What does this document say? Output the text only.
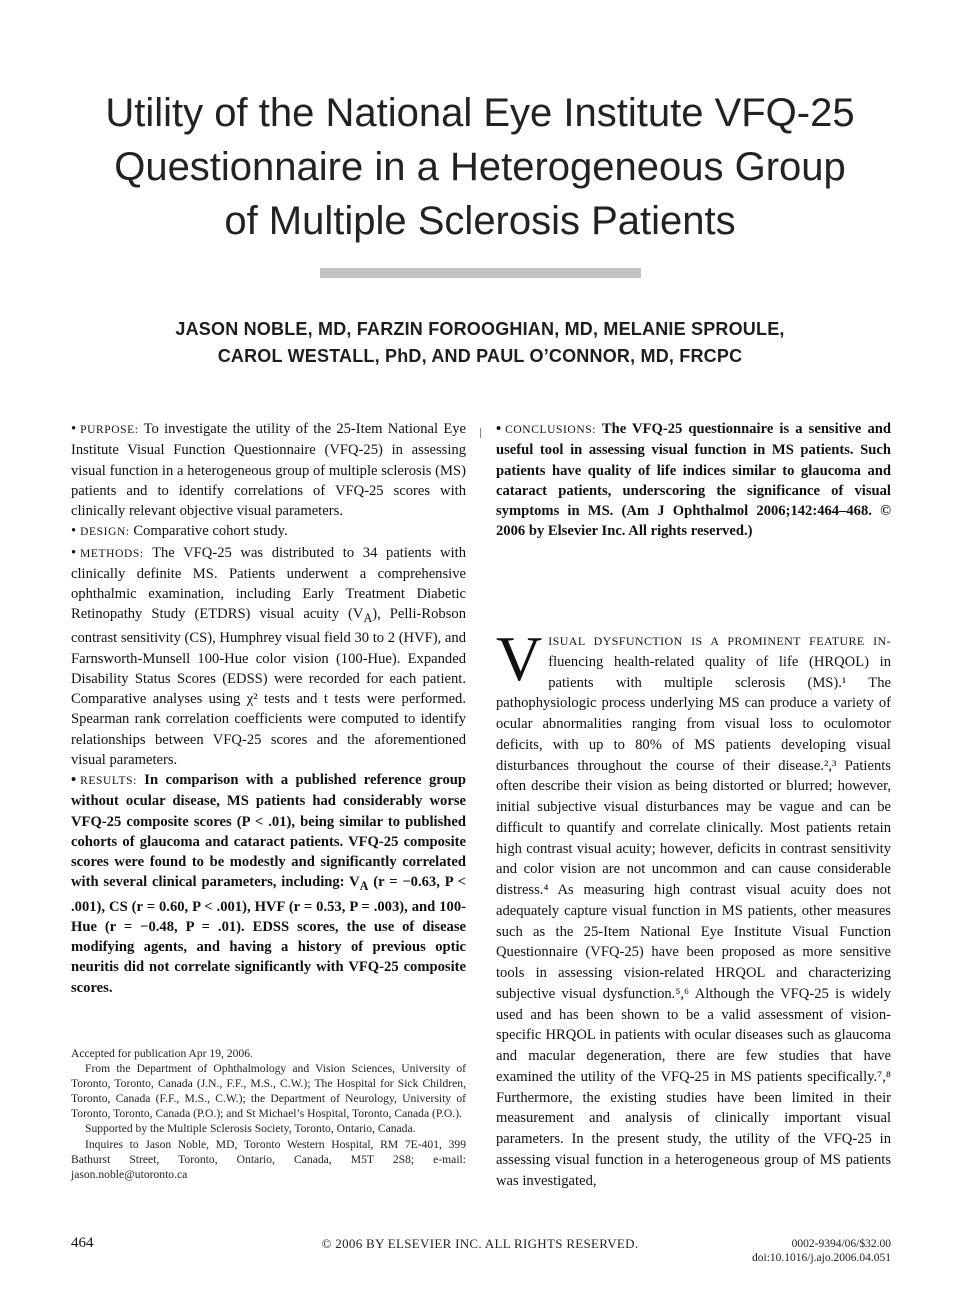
Utility of the National Eye Institute VFQ-25
Questionnaire in a Heterogeneous Group
of Multiple Sclerosis Patients
JASON NOBLE, MD, FARZIN FOROOGHIAN, MD, MELANIE SPROULE,
CAROL WESTALL, PhD, AND PAUL O’CONNOR, MD, FRCPC

• PURPOSE: To investigate the utility of the 25-Item National Eye Institute Visual Function Questionnaire (VFQ-25) in assessing visual function in a heterogeneous group of multiple sclerosis (MS) patients and to identify correlations of VFQ-25 scores with clinically relevant objective visual parameters.

• DESIGN: Comparative cohort study.

• METHODS: The VFQ-25 was distributed to 34 patients with clinically definite MS. Patients underwent a comprehensive ophthalmic examination, including Early Treatment Diabetic Retinopathy Study (ETDRS) visual acuity $(V_A)$, Pelli-Robson contrast sensitivity (CS), Humphrey visual field 30 to 2 (HVF), and Farnsworth-Munsell 100-Hue color vision (100-Hue). Expanded Disability Status Scores (EDSS) were recorded for each patient. Comparative analyses using χ² tests and t tests were performed. Spearman rank correlation coefficients were computed to identify relationships between VFQ-25 scores and the aforementioned visual parameters.

• RESULTS: In comparison with a published reference group without ocular disease, MS patients had considerably worse VFQ-25 composite scores (P < .01), being similar to published cohorts of glaucoma and cataract patients. VFQ-25 composite scores were found to be modestly and significantly correlated with several clinical parameters, including: $V_A$ (r = −0.63, P < .001), CS (r = 0.60, P < .001), HVF (r = 0.53, P = .003), and 100-Hue (r = −0.48, P = .01). EDSS scores, the use of disease modifying agents, and having a history of previous optic neuritis did not correlate significantly with VFQ-25 composite scores.

• CONCLUSIONS: The VFQ-25 questionnaire is a sensitive and useful tool in assessing visual function in MS patients. Such patients have quality of life indices similar to glaucoma and cataract patients, underscoring the significance of visual symptoms in MS. (Am J Ophthalmol 2006;142:464–468. © 2006 by Elsevier Inc. All rights reserved.)

VISUAL DYSFUNCTION IS A PROMINENT FEATURE IN-fluencing health-related quality of life (HRQOL) in patients with multiple sclerosis (MS).¹ The pathophysiologic process underlying MS can produce a variety of ocular abnormalities ranging from visual loss to oculomotor deficits, with up to 80% of MS patients developing visual disturbances throughout the course of their disease.²,³ Patients often describe their vision as being distorted or blurred; however, initial subjective visual disturbances may be vague and can be difficult to quantify and correlate clinically. Most patients retain high contrast visual acuity; however, deficits in contrast sensitivity and color vision are not uncommon and can cause considerable distress.⁴ As measuring high contrast visual acuity does not adequately capture visual function in MS patients, other measures such as the 25-Item National Eye Institute Visual Function Questionnaire (VFQ-25) have been proposed as more sensitive tools in assessing vision-related HRQOL and characterizing subjective visual dysfunction.⁵,⁶ Although the VFQ-25 is widely used and has been shown to be a valid assessment of vision-specific HRQOL in patients with ocular diseases such as glaucoma and macular degeneration, there are few studies that have examined the utility of the VFQ-25 in MS patients specifically.⁷,⁸ Furthermore, the existing studies have been limited in their measurement and analysis of clinically important visual parameters. In the present study, the utility of the VFQ-25 in assessing visual function in a heterogeneous group of MS patients was investigated,

Accepted for publication Apr 19, 2006.

From the Department of Ophthalmology and Vision Sciences, University of Toronto, Toronto, Canada (J.N., F.F., M.S., C.W.); The Hospital for Sick Children, Toronto, Canada (F.F., M.S., C.W.); the Department of Neurology, University of Toronto, Toronto, Canada (P.O.); and St Michael’s Hospital, Toronto, Canada (P.O.).

Supported by the Multiple Sclerosis Society, Toronto, Ontario, Canada.

Inquires to Jason Noble, MD, Toronto Western Hospital, RM 7E-401, 399 Bathurst Street, Toronto, Ontario, Canada, M5T 2S8; e-mail: jason.noble@utoronto.ca

464	© 2006 BY ELSEVIER INC. ALL RIGHTS RESERVED.	0002-9394/06/$32.00
doi:10.1016/j.ajo.2006.04.051
